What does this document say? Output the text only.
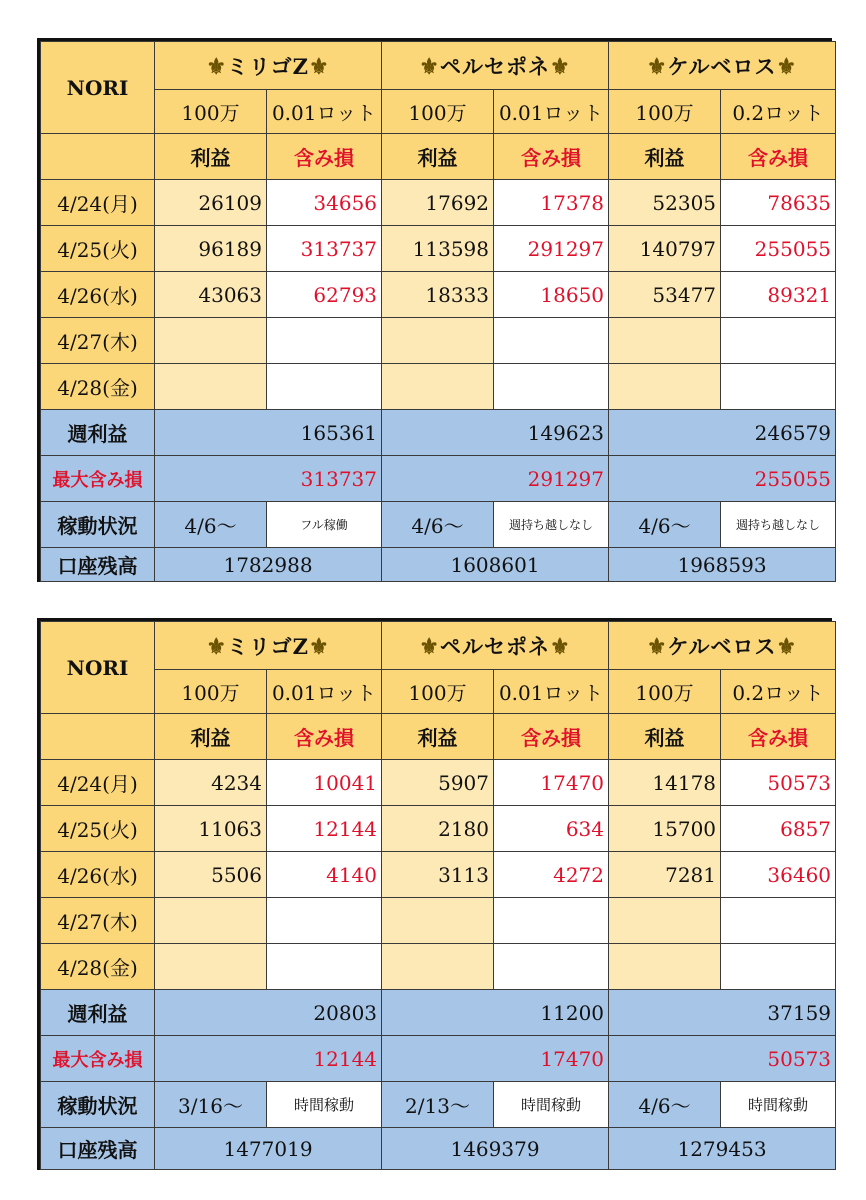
NORI	⚜ミリゴZ⚜		⚜ペルセポネ⚜		⚜ケルベロス⚜	
	100万	0.01ロット	100万	0.01ロット	100万	0.2ロット
	利益	含み損	利益	含み損	利益	含み損
4/24(月)	26109	34656	17692	17378	52305	78635
4/25(火)	96189	313737	113598	291297	140797	255055
4/26(水)	43063	62793	18333	18650	53477	89321
4/27(木)						
4/28(金)						
週利益	165361		149623		246579	
最大含み損	313737		291297		255055	
稼動状況	4/6～	フル稼働	4/6～	週持ち越しなし	4/6～	週持ち越しなし
口座残高	1782988		1608601		1968593	
NORI	⚜ミリゴZ⚜		⚜ペルセポネ⚜		⚜ケルベロス⚜	
	100万	0.01ロット	100万	0.01ロット	100万	0.2ロット
	利益	含み損	利益	含み損	利益	含み損
4/24(月)	4234	10041	5907	17470	14178	50573
4/25(火)	11063	12144	2180	634	15700	6857
4/26(水)	5506	4140	3113	4272	7281	36460
4/27(木)						
4/28(金)						
週利益	20803		11200		37159	
最大含み損	12144		17470		50573	
稼動状況	3/16～	時間稼動	2/13～	時間稼動	4/6～	時間稼動
口座残高	1477019		1469379		1279453	
